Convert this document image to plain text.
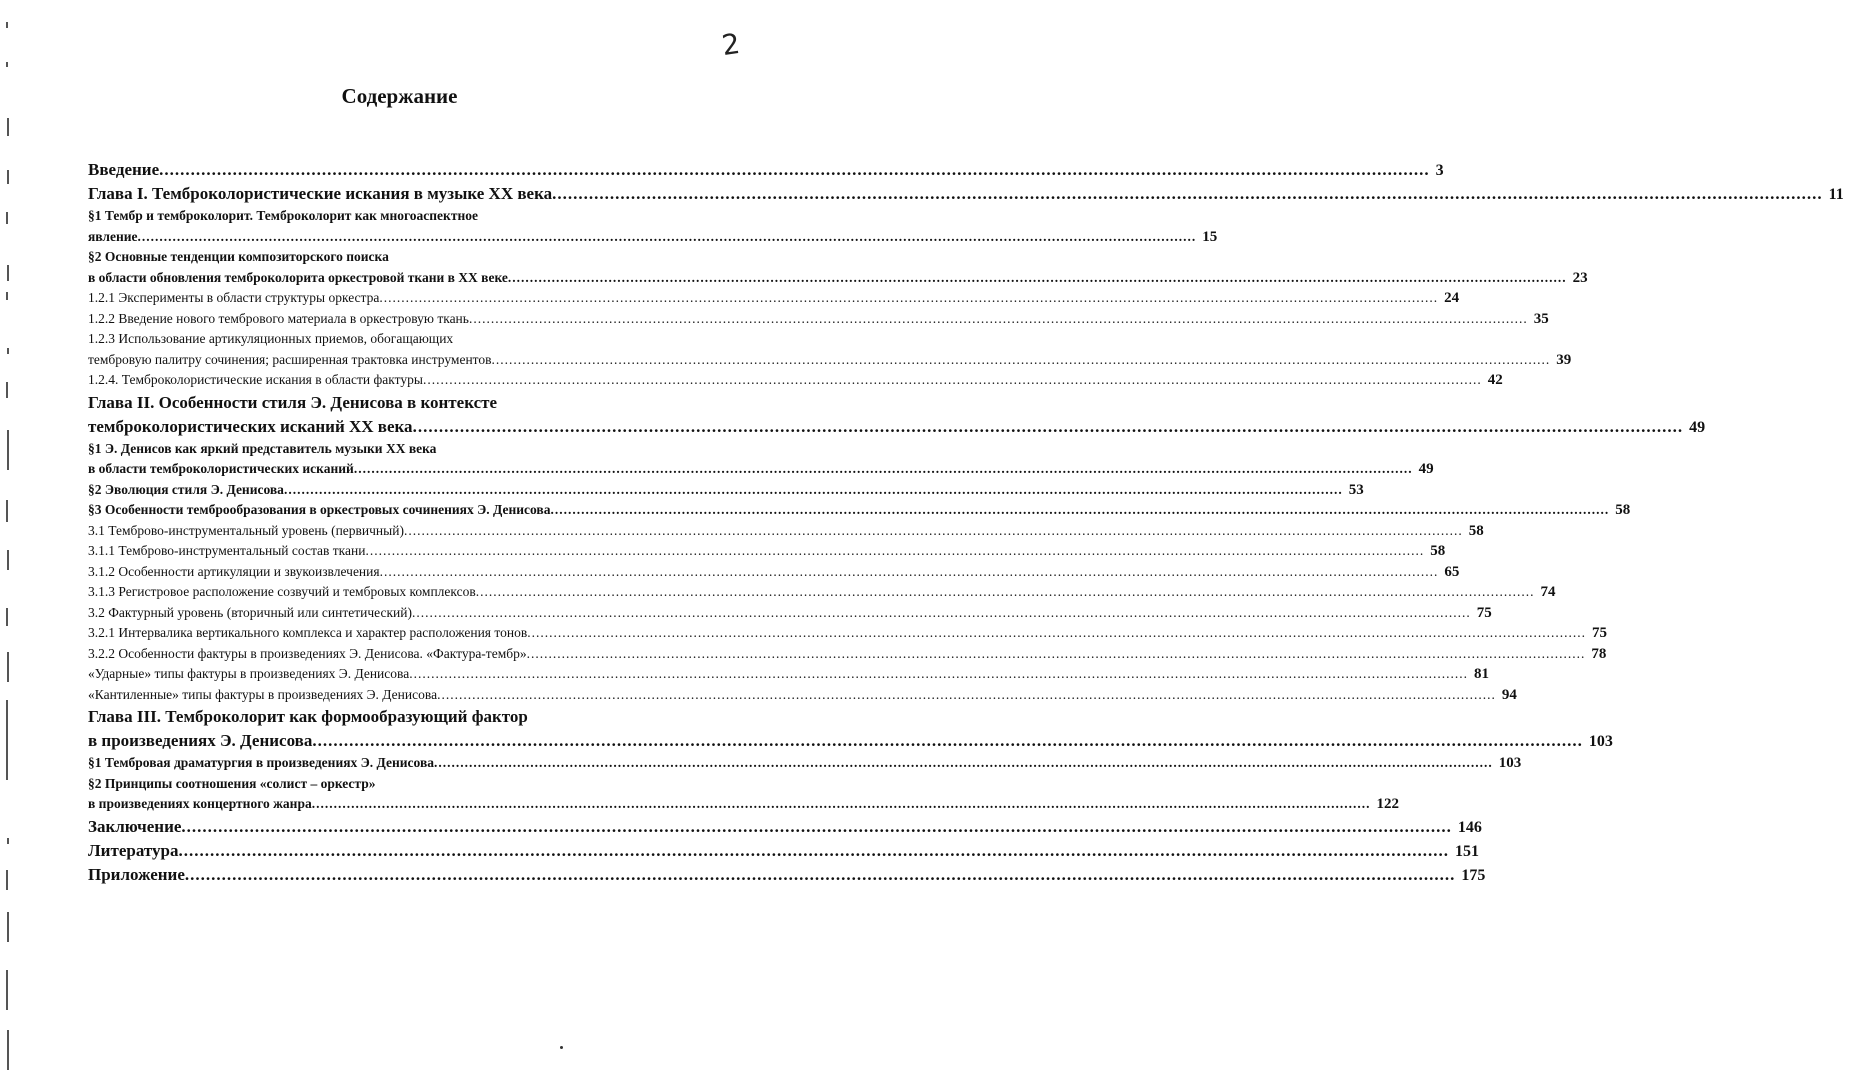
2
Содержание
Введение .....	3
Глава I. Темброколористические искания в музыке ХХ века .....	11
§1 Тембр и темброколорит. Темброколорит как многоаспектное
явление .....	15
§2 Основные тенденции композиторского поиска
в области обновления темброколорита оркестровой ткани в ХХ веке .....	23
1.2.1 Эксперименты в области структуры оркестра .....	24
1.2.2 Введение нового тембрового материала в оркестровую ткань .....	35
1.2.3 Использование артикуляционных приемов, обогащающих
тембровую палитру сочинения; расширенная трактовка инструментов .....	39
1.2.4. Темброколористические искания в области фактуры .....	42
Глава II. Особенности стиля Э. Денисова в контексте
темброколористических исканий ХХ века .....	49
§1 Э. Денисов как яркий представитель музыки ХХ века
в области темброколористических исканий .....	49
§2 Эволюция стиля Э. Денисова .....	53
§3 Особенности темброобразования в оркестровых сочинениях Э. Денисова .....	58
3.1 Темброво-инструментальный уровень (первичный) .....	58
3.1.1 Темброво-инструментальный состав ткани .....	58
3.1.2 Особенности артикуляции и звукоизвлечения .....	65
3.1.3 Регистровое расположение созвучий и тембровых комплексов .....	74
3.2 Фактурный уровень (вторичный или синтетический) .....	75
3.2.1 Интервалика вертикального комплекса и характер расположения тонов .....	75
3.2.2 Особенности фактуры в произведениях Э. Денисова. «Фактура-тембр» .....	78
«Ударные» типы фактуры в произведениях Э. Денисова .....	81
«Кантиленные» типы фактуры в произведениях Э. Денисова .....	94
Глава III. Темброколорит как формообразующий фактор
в произведениях Э. Денисова .....	103
§1 Тембровая драматургия в произведениях Э. Денисова .....	103
§2 Принципы соотношения «солист – оркестр»
в произведениях концертного жанра .....	122
Заключение .....	146
Литература .....	151
Приложение .....	175
